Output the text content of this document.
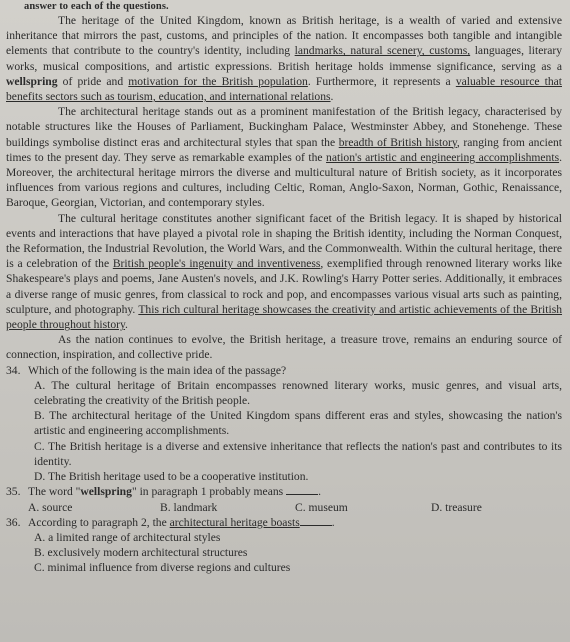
answer to each of the questions.

The heritage of the United Kingdom, known as British heritage, is a wealth of varied and extensive inheritance that mirrors the past, customs, and principles of the nation. It encompasses both tangible and intangible elements that contribute to the country's identity, including landmarks, natural scenery, customs, languages, literary works, musical compositions, and artistic expressions. British heritage holds immense significance, serving as a wellspring of pride and motivation for the British population. Furthermore, it represents a valuable resource that benefits sectors such as tourism, education, and international relations.

The architectural heritage stands out as a prominent manifestation of the British legacy, characterised by notable structures like the Houses of Parliament, Buckingham Palace, Westminster Abbey, and Stonehenge. These buildings symbolise distinct eras and architectural styles that span the breadth of British history, ranging from ancient times to the present day. They serve as remarkable examples of the nation's artistic and engineering accomplishments. Moreover, the architectural heritage mirrors the diverse and multicultural nature of British society, as it incorporates influences from various regions and cultures, including Celtic, Roman, Anglo-Saxon, Norman, Gothic, Renaissance, Baroque, Georgian, Victorian, and contemporary styles.

The cultural heritage constitutes another significant facet of the British legacy. It is shaped by historical events and interactions that have played a pivotal role in shaping the British identity, including the Norman Conquest, the Reformation, the Industrial Revolution, the World Wars, and the Commonwealth. Within the cultural heritage, there is a celebration of the British people's ingenuity and inventiveness, exemplified through renowned literary works like Shakespeare's plays and poems, Jane Austen's novels, and J.K. Rowling's Harry Potter series. Additionally, it embraces a diverse range of music genres, from classical to rock and pop, and encompasses various visual arts such as painting, sculpture, and photography. This rich cultural heritage showcases the creativity and artistic achievements of the British people throughout history.

As the nation continues to evolve, the British heritage, a treasure trove, remains an enduring source of connection, inspiration, and collective pride.

34. Which of the following is the main idea of the passage?

A. The cultural heritage of Britain encompasses renowned literary works, music genres, and visual arts, celebrating the creativity of the British people.

B. The architectural heritage of the United Kingdom spans different eras and styles, showcasing the nation's artistic and engineering accomplishments.

C. The British heritage is a diverse and extensive inheritance that reflects the nation's past and contributes to its identity.

D. The British heritage used to be a cooperative institution.

35. The word "wellspring" in paragraph 1 probably means	.
A. source	B. landmark	C. museum	D. treasure
36. According to paragraph 2, the architectural heritage boasts	.

A. a limited range of architectural styles

B. exclusively modern architectural structures

C. minimal influence from diverse regions and cultures
